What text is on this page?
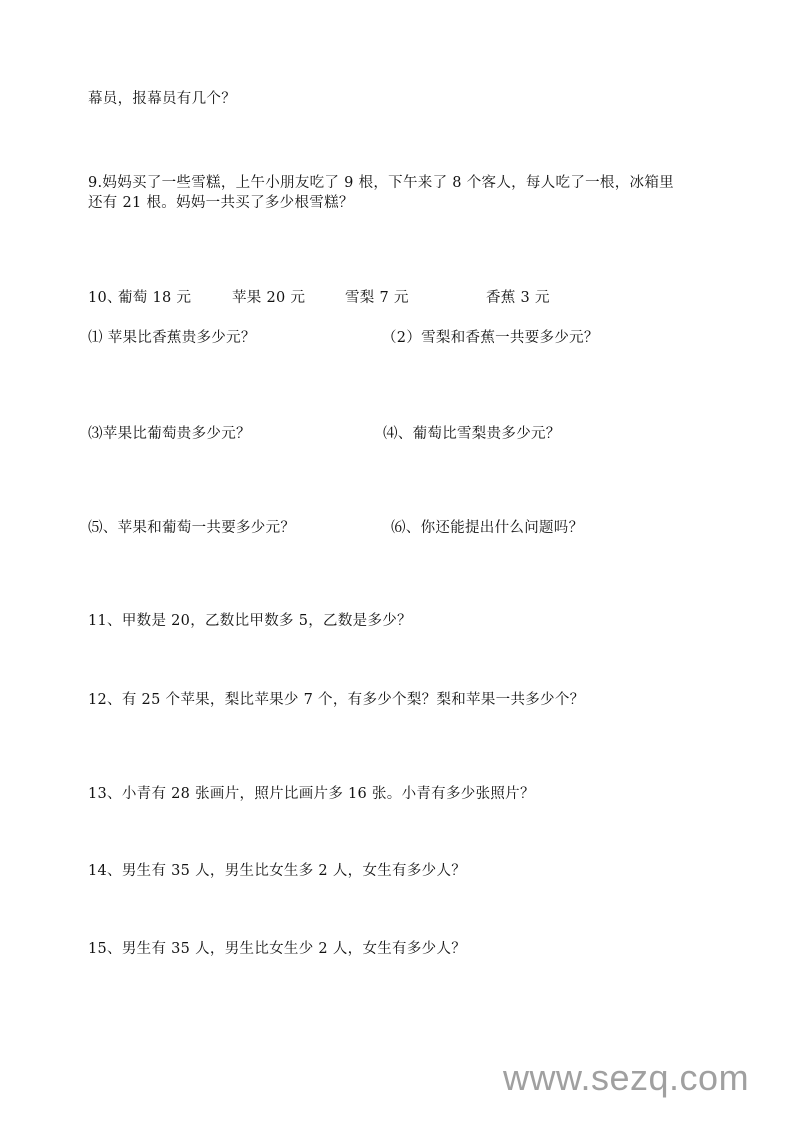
幕员，报幕员有几个？
9.妈妈买了一些雪糕，上午小朋友吃了 9 根，下午来了 8 个客人，每人吃了一根，冰箱里
还有 21 根。妈妈一共买了多少根雪糕？
10、
葡萄 18 元	苹果 20 元	雪梨 7 元	香蕉 3 元
⑴ 苹果比香蕉贵多少元？	（2）雪梨和香蕉一共要多少元？
⑶苹果比葡萄贵多少元？	⑷、葡萄比雪梨贵多少元？
⑸、苹果和葡萄一共要多少元？	⑹、你还能提出什么问题吗？
11、甲数是 20，乙数比甲数多 5，乙数是多少？
12、有 25 个苹果，梨比苹果少 7 个，有多少个梨？梨和苹果一共多少个？
13、小青有 28 张画片，照片比画片多 16 张。小青有多少张照片？
14、男生有 35 人，男生比女生多 2 人，女生有多少人？
15、男生有 35 人，男生比女生少 2 人，女生有多少人？
www.sezq.com
